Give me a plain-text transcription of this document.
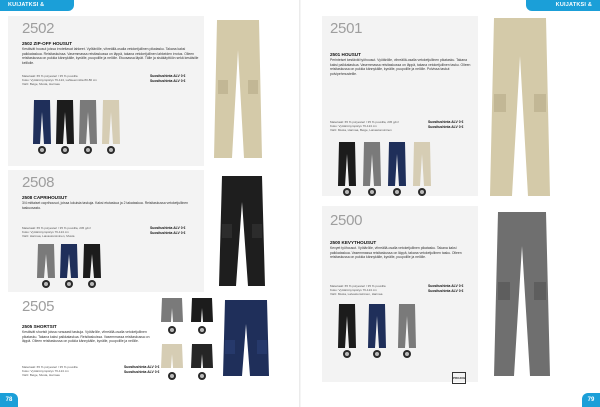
KUIJATKSI &	KUIJATKSI & REIDOTO
2502
2502 ZIP-OFF HOUSUT
Kestävät housut joissa irrotettavat lahkeet. Vyötärölle, vihreällä-osalla vetoketjullinen pikatasku. Takana kaksi paikkataskua. Reisitaskuissa. Vasemmassa reisitaskussa on läppä, takana vetoketjullinen lahkeiden irrotus. Olleen reisitaskussa on pukkia kännykälle, kynälle, puupolille ja nelölle. Etuosassa läpät. Tälle ja sisäkäyttöön sekä kesäisille kelilolle.
Materiaali: 65 % polyesteri / 35 % puuvilla
Koko: Vyötärönympärys 76-124, Lahkeenmitta 80-86 cm
Värit: Beige, Musta, Harmaa
Suositushinta ALV 0 €
Suositushinta ALV 0 €
2508
2508 CAPRIHOUSUT
3/4 mittaiset caprihousut, joissa lukuisia taskuja. Kaksi etutaskua ja 2 takataskua. Reisitaskussa vetoketjullinen taskuosasto.
Materiaali: 65 % polyesteri / 35 % puuvilla, 245 g/m²
Koko: Vyötärönympärys 76-124 cm
Värit: Harmaa, Laivastonsininen, Musta
Suositushinta ALV 0 €
Suositushinta ALV 0 €
2505
2505 SHORTSIT
Kestävät shortsit joissa runsaasti taskuja. Vyötärölle, vihreällä-osalla vetoketjullinen pikatasku. Takana kaksi paikkataskua. Reisitaskuissa. Vasemmassa reisitaskussa on läppä. Olleen reisitaskussa on pukkia kännykälle, kynälle, puupolille ja nelölle.
Materiaali: 65 % polyesteri / 35 % puuvilla
Koko: Vyötärönympärys 76-124 cm
Värit: Beige, Musta, Harmaa
Suositushinta ALV 0 €
Suositushinta ALV 0 €
78
2501
2501 HOUSUT
Perinteiset kestävät työhousut. Vyötärölle, vihreällä-osalla vetoketjullinen pikatasku. Takana kaksi paikkataskua. Vasemmassa reisitaskussa on läppä, takana vetoketjullinen tasku. Olleen reisitaskussa on pukkia kännykälle, kynälle, puupolille ja nelölle. Polvissa taskut polvipehmusteille.
Materiaali: 65 % polyesteri / 35 % puuvilla, 245 g/m²
Koko: Vyötärönympärys 76-124 cm
Värit: Musta, Harmaa, Beige, Laivastonsininen
Suositushinta ALV 0 €
Suositushinta ALV 0 €
2500
2500 KEVYTHOUSUT
Kevyet työhousut. Vyötärölle, vihreällä-osalla vetoketjullinen pikatasku. Takana kaksi paikkataskua. Vasemmassa reisitaskussa on läppä, takana vetoketjullinen tasku. Olleen reisitaskussa on pukkia kännykälle, kynälle, puupolille ja nelölle.
Materiaali: 65 % polyesteri / 35 % puuvilla
Koko: Vyötärönympärys 76-124 cm
Värit: Musta, Laivastonsininen, Harmaa
Suositushinta ALV 0 €
Suositushinta ALV 0 €
PROJOB
79
